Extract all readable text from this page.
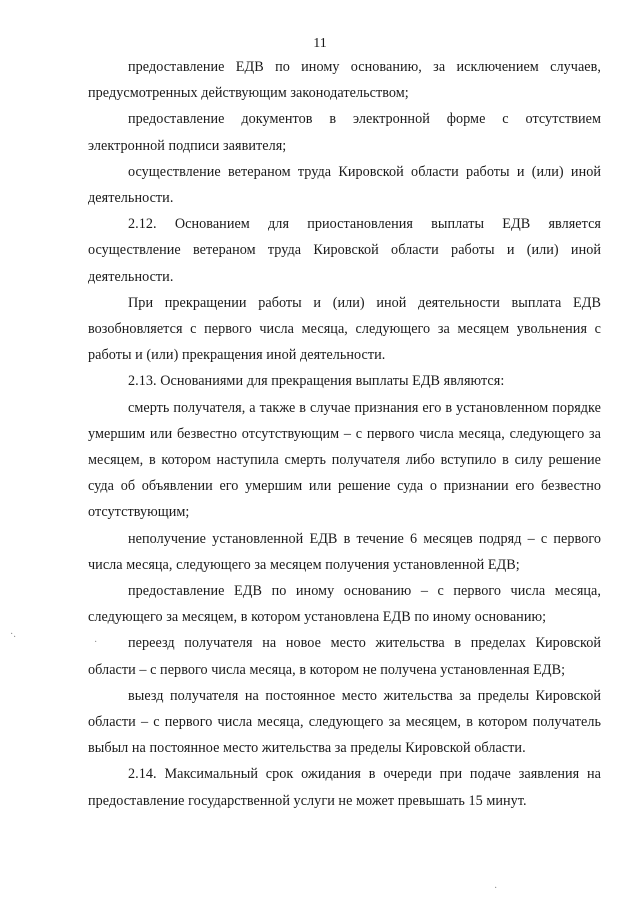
11

предоставление ЕДВ по иному основанию, за исключением случаев, предусмотренных действующим законодательством;

предоставление документов в электронной форме с отсутствием электронной подписи заявителя;

осуществление ветераном труда Кировской области работы и (или) иной деятельности.

2.12. Основанием для приостановления выплаты ЕДВ является осуществление ветераном труда Кировской области работы и (или) иной деятельности.

При прекращении работы и (или) иной деятельности выплата ЕДВ возобновляется с первого числа месяца, следующего за месяцем увольнения с работы и (или) прекращения иной деятельности.

2.13. Основаниями для прекращения выплаты ЕДВ являются:

смерть получателя, а также в случае признания его в установленном порядке умершим или безвестно отсутствующим – с первого числа месяца, следующего за месяцем, в котором наступила смерть получателя либо вступило в силу решение суда об объявлении его умершим или решение суда о признании его безвестно отсутствующим;

неполучение установленной ЕДВ в течение 6 месяцев подряд – с первого числа месяца, следующего за месяцем получения установленной ЕДВ;

предоставление ЕДВ по иному основанию – с первого числа месяца, следующего за месяцем, в котором установлена ЕДВ по иному основанию;

переезд получателя на новое место жительства в пределах Кировской области – с первого числа месяца, в котором не получена установленная ЕДВ;

выезд получателя на постоянное место жительства за пределы Кировской области – с первого числа месяца, следующего за месяцем, в котором получатель выбыл на постоянное место жительства за пределы Кировской области.

2.14. Максимальный срок ожидания в очереди при подаче заявления на предоставление государственной услуги не может превышать 15 минут.

·.
·
·
